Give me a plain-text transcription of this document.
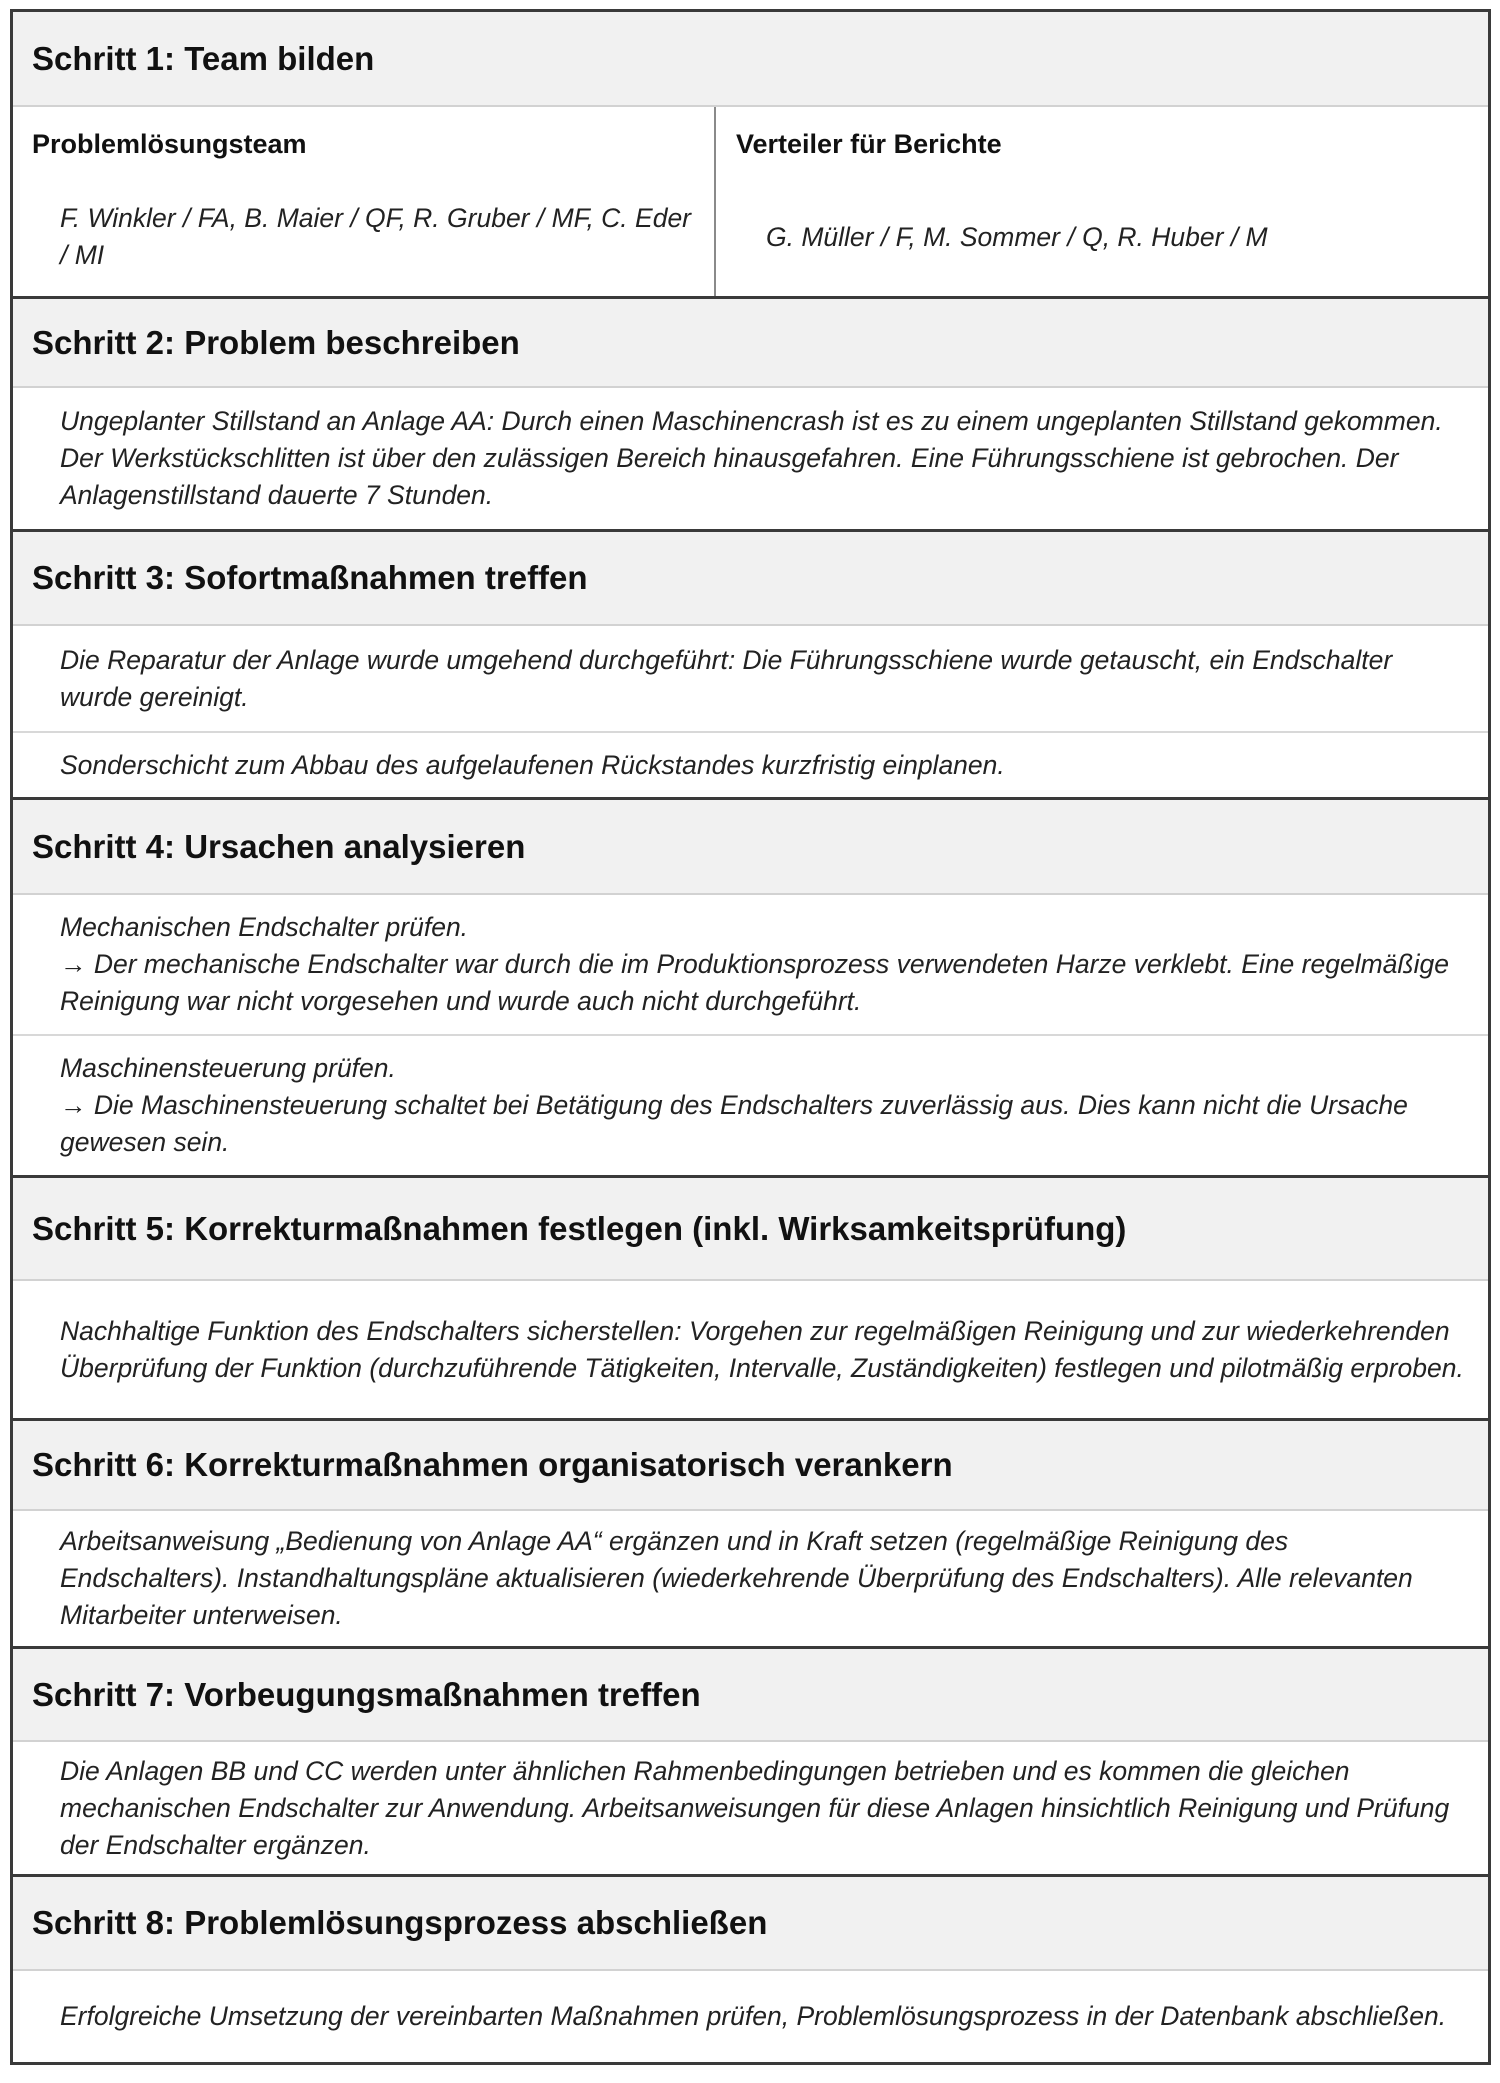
Schritt 1: Team bilden
Problemlösungsteam
F. Winkler / FA, B. Maier / QF, R. Gruber / MF, C. Eder / MI
Verteiler für Berichte
G. Müller / F, M. Sommer / Q, R. Huber / M
Schritt 2: Problem beschreiben
Ungeplanter Stillstand an Anlage AA: Durch einen Maschinencrash ist es zu einem ungeplanten Stillstand gekommen. Der Werkstückschlitten ist über den zulässigen Bereich hinausgefahren. Eine Führungsschiene ist gebrochen. Der Anlagenstillstand dauerte 7 Stunden.
Schritt 3: Sofortmaßnahmen treffen
Die Reparatur der Anlage wurde umgehend durchgeführt: Die Führungsschiene wurde getauscht, ein Endschalter wurde gereinigt.
Sonderschicht zum Abbau des aufgelaufenen Rückstandes kurzfristig einplanen.
Schritt 4: Ursachen analysieren
Mechanischen Endschalter prüfen.
→ Der mechanische Endschalter war durch die im Produktionsprozess verwendeten Harze verklebt. Eine regelmäßige Reinigung war nicht vorgesehen und wurde auch nicht durchgeführt.
Maschinensteuerung prüfen.
→ Die Maschinensteuerung schaltet bei Betätigung des Endschalters zuverlässig aus. Dies kann nicht die Ursache gewesen sein.
Schritt 5: Korrekturmaßnahmen festlegen (inkl. Wirksamkeitsprüfung)
Nachhaltige Funktion des Endschalters sicherstellen: Vorgehen zur regelmäßigen Reinigung und zur wiederkehrenden Überprüfung der Funktion (durchzuführende Tätigkeiten, Intervalle, Zuständigkeiten) festlegen und pilotmäßig erproben.
Schritt 6: Korrekturmaßnahmen organisatorisch verankern
Arbeitsanweisung „Bedienung von Anlage AA“ ergänzen und in Kraft setzen (regelmäßige Reinigung des Endschalters). Instandhaltungspläne aktualisieren (wiederkehrende Überprüfung des Endschalters). Alle relevanten Mitarbeiter unterweisen.
Schritt 7: Vorbeugungsmaßnahmen treffen
Die Anlagen BB und CC werden unter ähnlichen Rahmenbedingungen betrieben und es kommen die gleichen mechanischen Endschalter zur Anwendung. Arbeitsanweisungen für diese Anlagen hinsichtlich Reinigung und Prüfung der Endschalter ergänzen.
Schritt 8: Problemlösungsprozess abschließen
Erfolgreiche Umsetzung der vereinbarten Maßnahmen prüfen, Problemlösungsprozess in der Datenbank abschließen.
